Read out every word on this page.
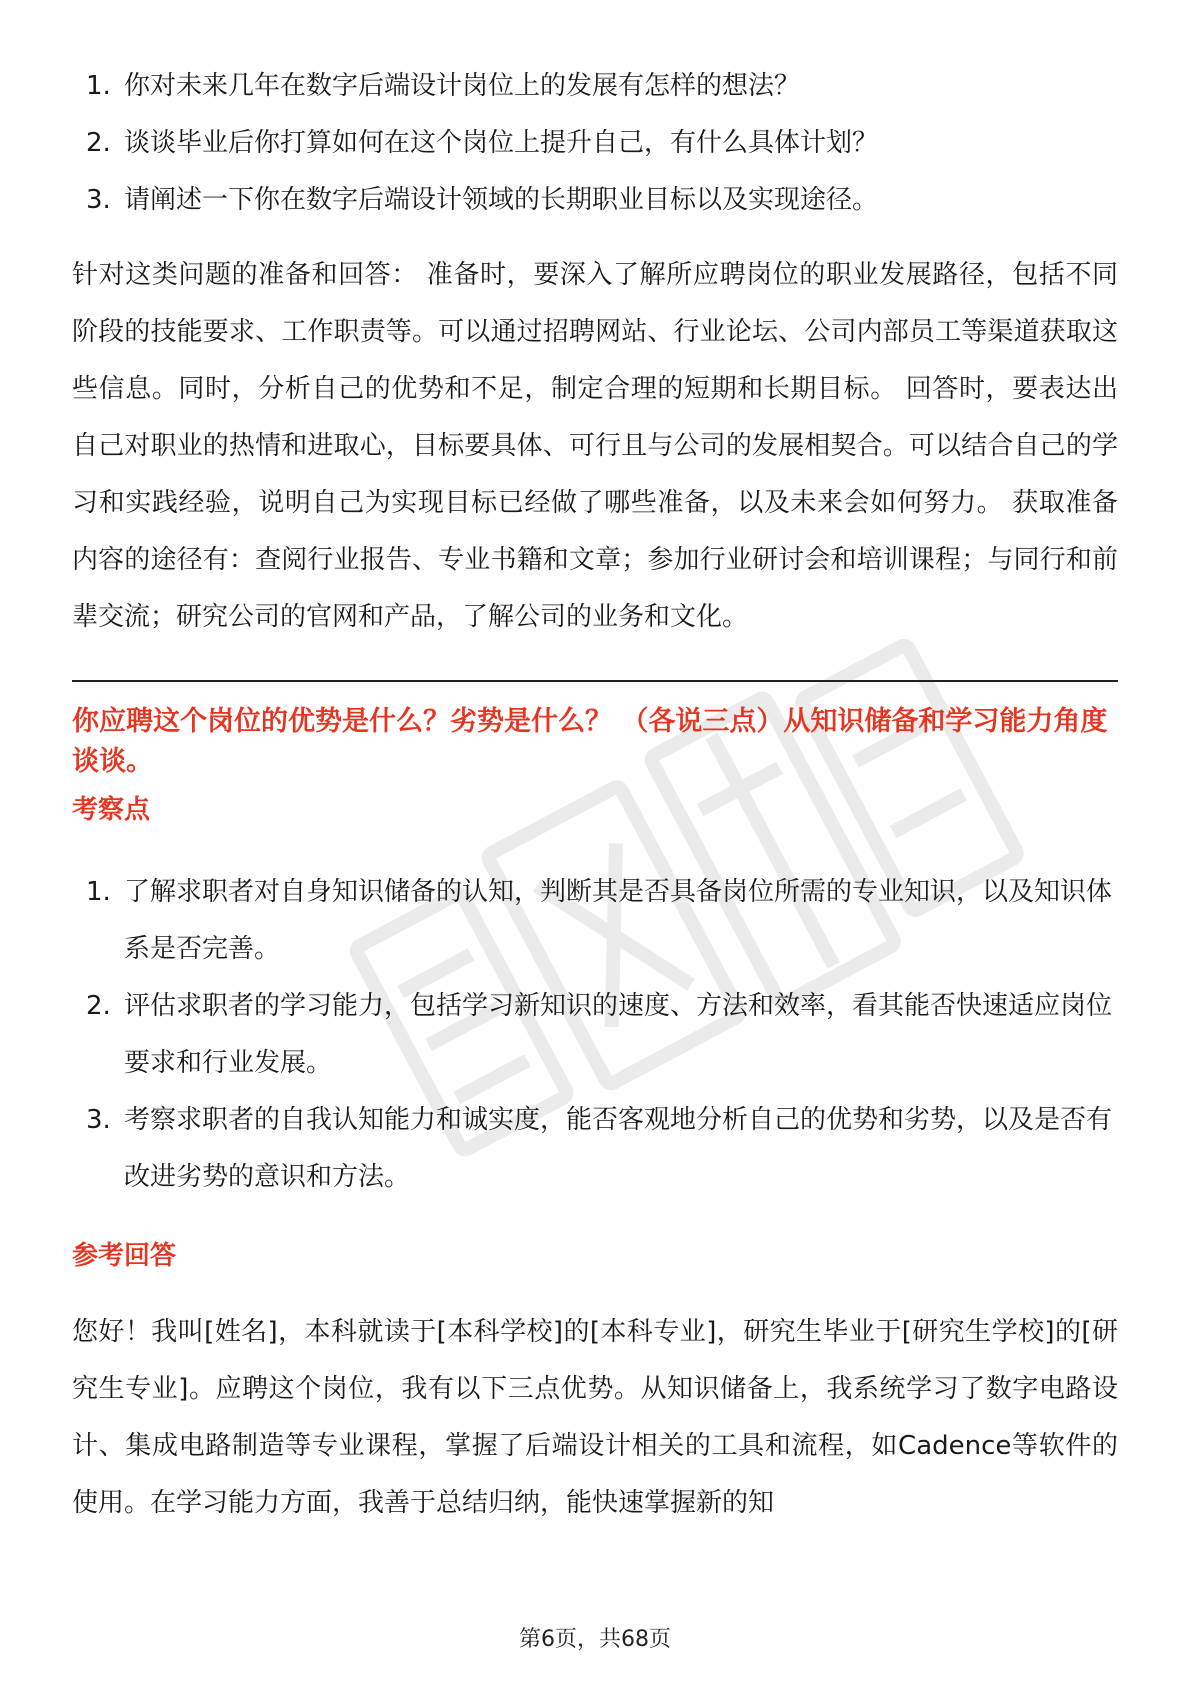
1. 你对未来几年在数字后端设计岗位上的发展有怎样的想法？
2. 谈谈毕业后你打算如何在这个岗位上提升自己，有什么具体计划？
3. 请阐述一下你在数字后端设计领域的长期职业目标以及实现途径。

针对这类问题的准备和回答： 准备时，要深入了解所应聘岗位的职业发展路径，包括不同阶段的技能要求、工作职责等。可以通过招聘网站、行业论坛、公司内部员工等渠道获取这些信息。同时，分析自己的优势和不足，制定合理的短期和长期目标。 回答时，要表达出自己对职业的热情和进取心，目标要具体、可行且与公司的发展相契合。可以结合自己的学习和实践经验，说明自己为实现目标已经做了哪些准备，以及未来会如何努力。 获取准备内容的途径有：查阅行业报告、专业书籍和文章；参加行业研讨会和培训课程；与同行和前辈交流；研究公司的官网和产品，了解公司的业务和文化。

你应聘这个岗位的优势是什么？劣势是什么？ （各说三点）从知识储备和学习能力角度谈谈。
考察点
1. 了解求职者对自身知识储备的认知，判断其是否具备岗位所需的专业知识，以及知识体系是否完善。
2. 评估求职者的学习能力，包括学习新知识的速度、方法和效率，看其能否快速适应岗位要求和行业发展。
3. 考察求职者的自我认知能力和诚实度，能否客观地分析自己的优势和劣势，以及是否有改进劣势的意识和方法。
参考回答

您好！我叫[姓名]，本科就读于[本科学校]的[本科专业]，研究生毕业于[研究生学校]的[研究生专业]。应聘这个岗位，我有以下三点优势。从知识储备上，我系统学习了数字电路设计、集成电路制造等专业课程，掌握了后端设计相关的工具和流程，如Cadence等软件的使用。在学习能力方面，我善于总结归纳，能快速掌握新的知

第6页，共68页
